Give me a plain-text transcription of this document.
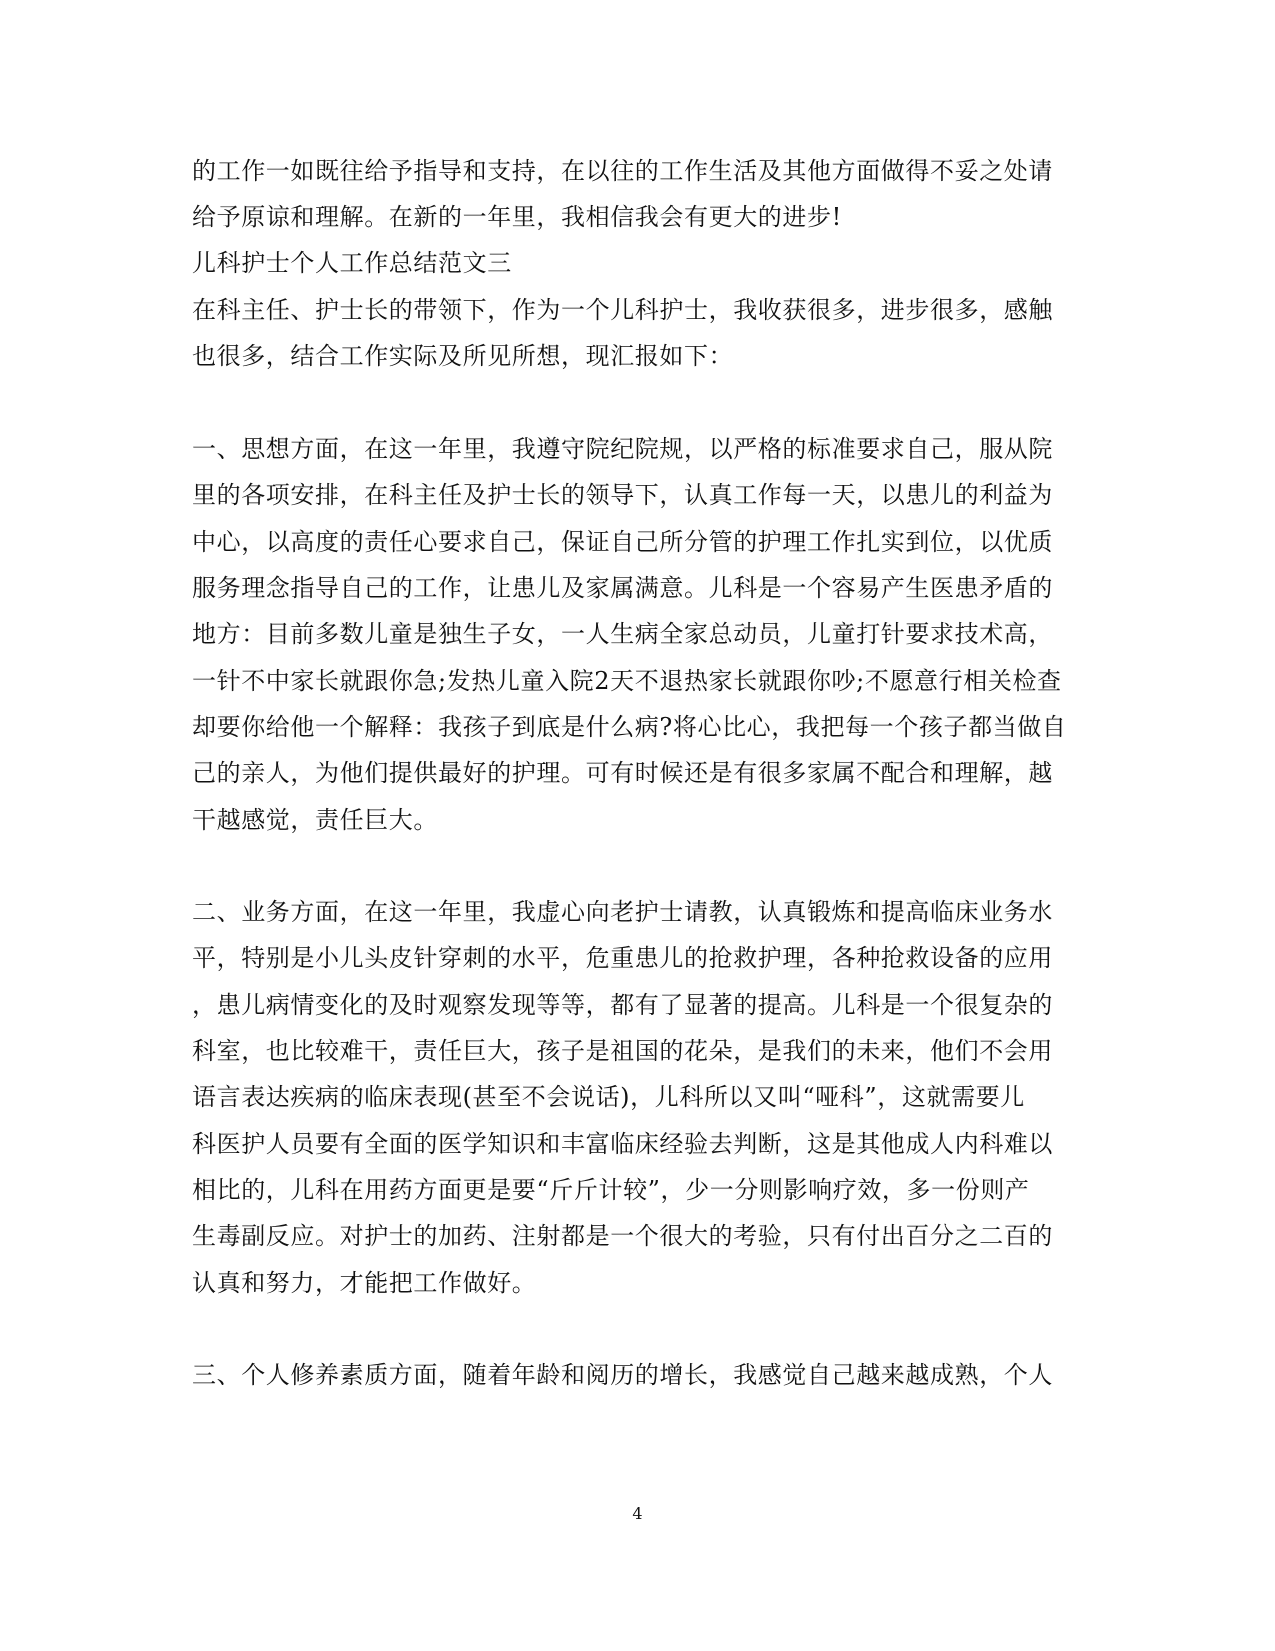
的工作一如既往给予指导和支持，在以往的工作生活及其他方面做得不妥之处请
给予原谅和理解。在新的一年里，我相信我会有更大的进步!
儿科护士个人工作总结范文三
在科主任、护士长的带领下，作为一个儿科护士，我收获很多，进步很多，感触
也很多，结合工作实际及所见所想，现汇报如下：
一、思想方面，在这一年里，我遵守院纪院规，以严格的标准要求自己，服从院
里的各项安排，在科主任及护士长的领导下，认真工作每一天，以患儿的利益为
中心，以高度的责任心要求自己，保证自己所分管的护理工作扎实到位，以优质
服务理念指导自己的工作，让患儿及家属满意。儿科是一个容易产生医患矛盾的
地方：目前多数儿童是独生子女，一人生病全家总动员，儿童打针要求技术高，
一针不中家长就跟你急;发热儿童入院2天不退热家长就跟你吵;不愿意行相关检查
却要你给他一个解释：我孩子到底是什么病?将心比心，我把每一个孩子都当做自
己的亲人，为他们提供最好的护理。可有时候还是有很多家属不配合和理解，越
干越感觉，责任巨大。
二、业务方面，在这一年里，我虚心向老护士请教，认真锻炼和提高临床业务水
平，特别是小儿头皮针穿刺的水平，危重患儿的抢救护理，各种抢救设备的应用
，患儿病情变化的及时观察发现等等，都有了显著的提高。儿科是一个很复杂的
科室，也比较难干，责任巨大，孩子是祖国的花朵，是我们的未来，他们不会用
语言表达疾病的临床表现(甚至不会说话)，儿科所以又叫“哑科”，这就需要儿
科医护人员要有全面的医学知识和丰富临床经验去判断，这是其他成人内科难以
相比的，儿科在用药方面更是要“斤斤计较”，少一分则影响疗效，多一份则产
生毒副反应。对护士的加药、注射都是一个很大的考验，只有付出百分之二百的
认真和努力，才能把工作做好。
三、个人修养素质方面，随着年龄和阅历的增长，我感觉自己越来越成熟，个人
4
